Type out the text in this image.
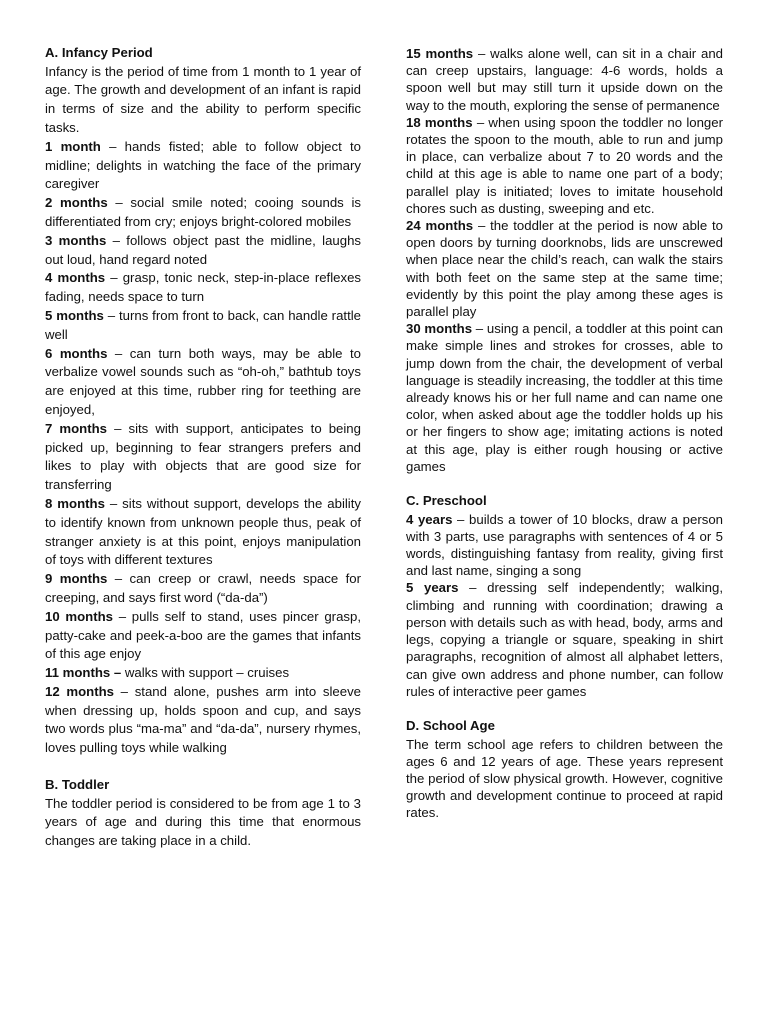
A. Infancy Period

Infancy is the period of time from 1 month to 1 year of age. The growth and development of an infant is rapid in terms of size and the ability to perform specific tasks.

1 month – hands fisted; able to follow object to midline; delights in watching the face of the primary caregiver

2 months – social smile noted; cooing sounds is differentiated from cry; enjoys bright-colored mobiles

3 months – follows object past the midline, laughs out loud, hand regard noted

4 months – grasp, tonic neck, step-in-place reflexes fading, needs space to turn

5 months – turns from front to back, can handle rattle well

6 months – can turn both ways, may be able to verbalize vowel sounds such as “oh-oh,” bathtub toys are enjoyed at this time, rubber ring for teething are enjoyed,

7 months – sits with support, anticipates to being picked up, beginning to fear strangers prefers and likes to play with objects that are good size for transferring

8 months – sits without support, develops the ability to identify known from unknown people thus, peak of stranger anxiety is at this point, enjoys manipulation of toys with different textures

9 months – can creep or crawl, needs space for creeping, and says first word (“da-da”)

10 months – pulls self to stand, uses pincer grasp, patty-cake and peek-a-boo are the games that infants of this age enjoy

11 months – walks with support – cruises

12 months – stand alone, pushes arm into sleeve when dressing up, holds spoon and cup, and says two words plus “ma-ma” and “da-da”, nursery rhymes, loves pulling toys while walking

B. Toddler

The toddler period is considered to be from age 1 to 3 years of age and during this time that enormous changes are taking place in a child.

15 months – walks alone well, can sit in a chair and can creep upstairs, language: 4-6 words, holds a spoon well but may still turn it upside down on the way to the mouth, exploring the sense of permanence

18 months – when using spoon the toddler no longer rotates the spoon to the mouth, able to run and jump in place, can verbalize about 7 to 20 words and the child at this age is able to name one part of a body; parallel play is initiated; loves to imitate household chores such as dusting, sweeping and etc.

24 months – the toddler at the period is now able to open doors by turning doorknobs, lids are unscrewed when place near the child’s reach, can walk the stairs with both feet on the same step at the same time; evidently by this point the play among these ages is parallel play

30 months – using a pencil, a toddler at this point can make simple lines and strokes for crosses, able to jump down from the chair, the development of verbal language is steadily increasing, the toddler at this time already knows his or her full name and can name one color, when asked about age the toddler holds up his or her fingers to show age; imitating actions is noted at this age, play is either rough housing or active games

C. Preschool

4 years – builds a tower of 10 blocks, draw a person with 3 parts, use paragraphs with sentences of 4 or 5 words, distinguishing fantasy from reality, giving first and last name, singing a song

5 years – dressing self independently; walking, climbing and running with coordination; drawing a person with details such as with head, body, arms and legs, copying a triangle or square, speaking in shirt paragraphs, recognition of almost all alphabet letters, can give own address and phone number, can follow rules of interactive peer games

D. School Age

The term school age refers to children between the ages 6 and 12 years of age. These years represent the period of slow physical growth. However, cognitive growth and development continue to proceed at rapid rates.
